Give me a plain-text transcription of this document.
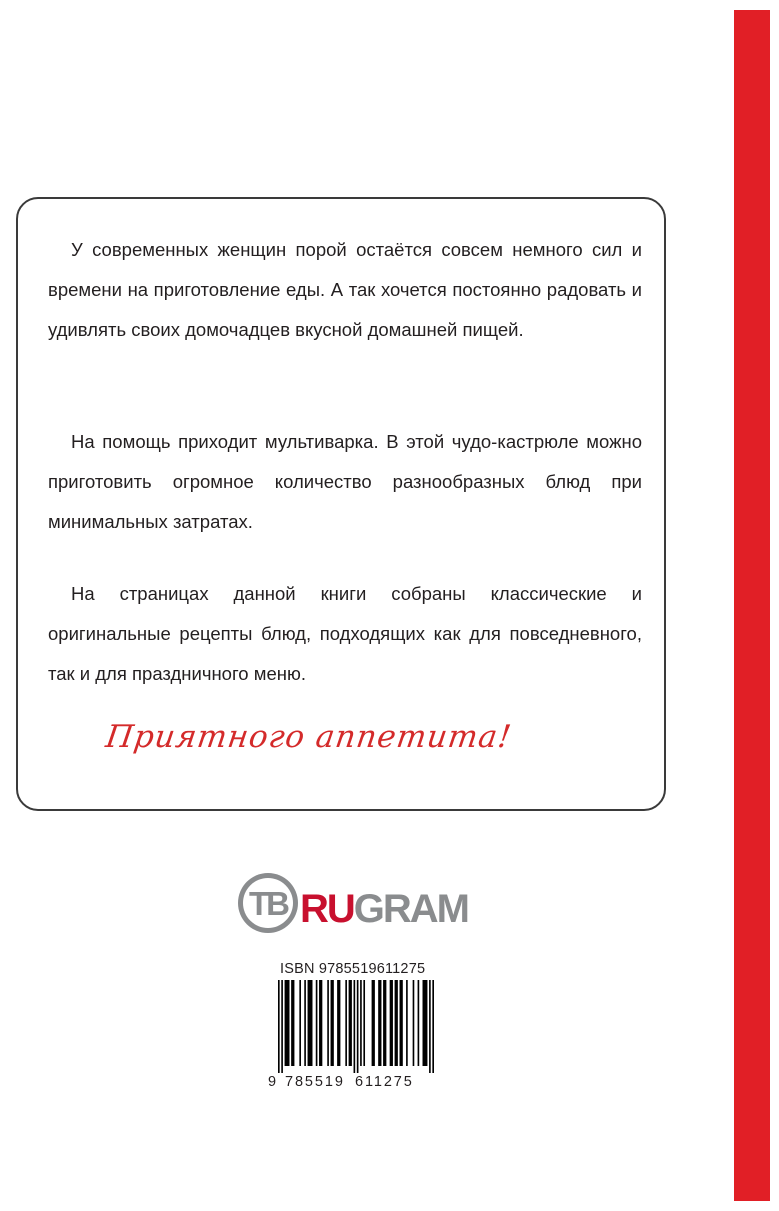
У современных женщин порой остаётся совсем немного сил и времени на приготовление еды. А так хочется постоянно радовать и удивлять своих домочадцев вкусной домашней пищей.

На помощь приходит мультиварка. В этой чудо-кастрюле можно приготовить огромное количество разнообразных блюд при минимальных затратах.

На страницах данной книги собраны классические и оригинальные рецепты блюд, подходящих как для повседневного, так и для праздничного меню.

Приятного аппетита!
TB RUGRAM
ISBN 9785519611275
9 785519 611275
